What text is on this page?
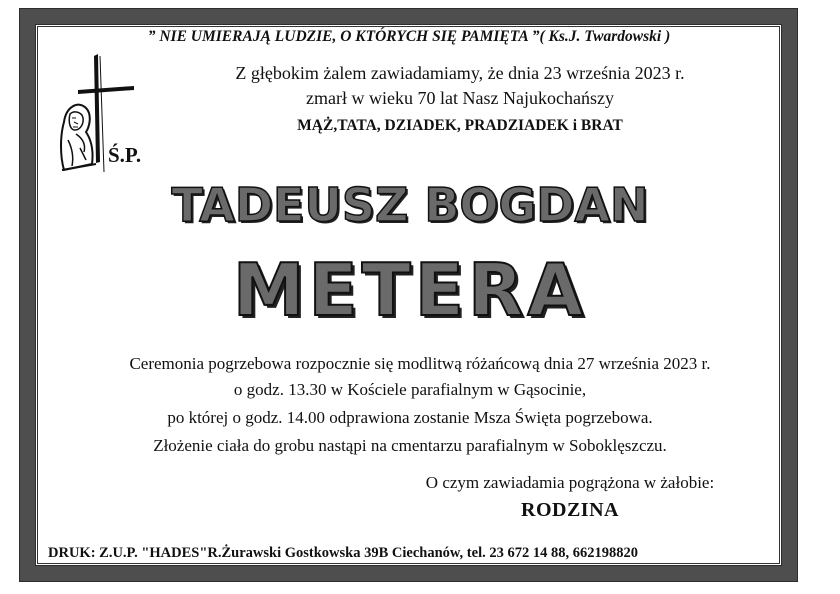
” NIE UMIERAJĄ LUDZIE, O KTÓRYCH SIĘ PAMIĘTA ”( Ks.J. Twardowski )
Ś.P.
Z głębokim żalem zawiadamiamy, że dnia 23 września 2023 r.
zmarł w wieku 70 lat Nasz Najukochańszy
MĄŻ,TATA, DZIADEK, PRADZIADEK i BRAT
TADEUSZ BOGDAN
METERA
Ceremonia pogrzebowa rozpocznie się modlitwą różańcową dnia 27 września 2023 r.
o godz. 13.30 w Kościele parafialnym w Gąsocinie,
po której o godz. 14.00 odprawiona zostanie Msza Święta pogrzebowa.
Złożenie ciała do grobu nastąpi na cmentarzu parafialnym w Soboklęszczu.
O czym zawiadamia pogrążona w żałobie:
RODZINA
DRUK: Z.U.P. "HADES"R.Żurawski Gostkowska 39B Ciechanów, tel. 23 672 14 88, 662198820
